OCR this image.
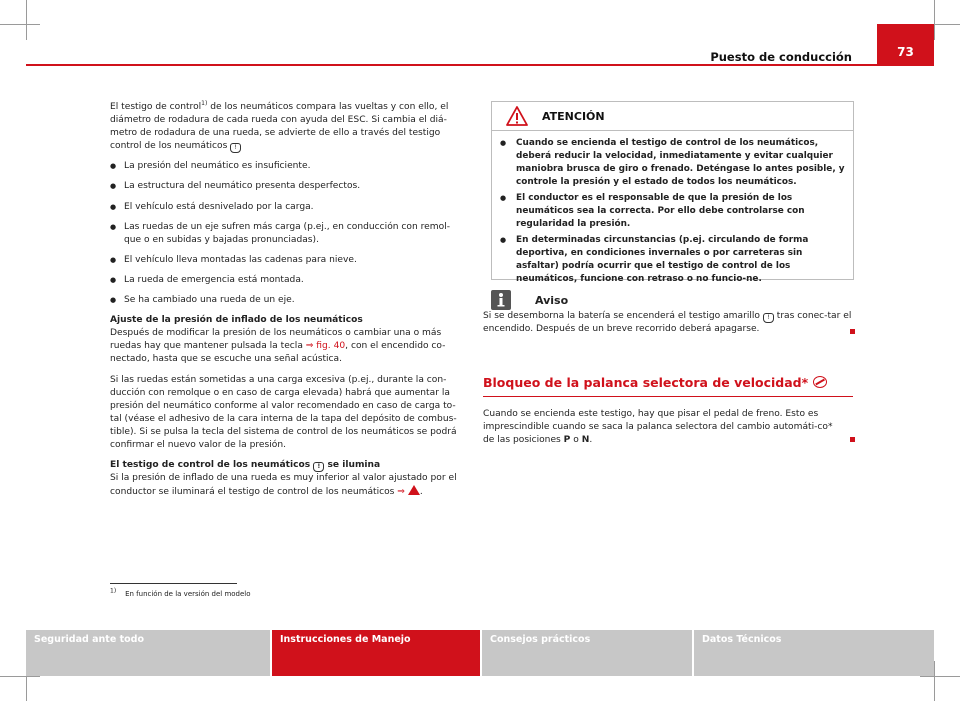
Puesto de conducción	73

El testigo de control$^{1)}$ de los neumáticos compara las vueltas y con ello, el diámetro de rodadura de cada rueda con ayuda del ESC. Si cambia el diá-metro de rodadura de una rueda, se advierte de ello a través del testigo control de los neumáticos !

●
La presión del neumático es insuficiente.
●
La estructura del neumático presenta desperfectos.
●
El vehículo está desnivelado por la carga.
●
Las ruedas de un eje sufren más carga (p.ej., en conducción con remol-que o en subidas y bajadas pronunciadas).
●
El vehículo lleva montadas las cadenas para nieve.
●
La rueda de emergencia está montada.
●
Se ha cambiado una rueda de un eje.

Ajuste de la presión de inflado de los neumáticos

Después de modificar la presión de los neumáticos o cambiar una o más ruedas hay que mantener pulsada la tecla ⇒ fig. 40, con el encendido co-nectado, hasta que se escuche una señal acústica.

Si las ruedas están sometidas a una carga excesiva (p.ej., durante la con-ducción con remolque o en caso de carga elevada) habrá que aumentar la presión del neumático conforme al valor recomendado en caso de carga to-tal (véase el adhesivo de la cara interna de la tapa del depósito de combus-tible). Si se pulsa la tecla del sistema de control de los neumáticos se podrá confirmar el nuevo valor de la presión.

El testigo de control de los neumáticos ! se ilumina

Si la presión de inflado de una rueda es muy inferior al valor ajustado por el conductor se iluminará el testigo de control de los neumáticos ⇒ .

ATENCIÓN
●
Cuando se encienda el testigo de control de los neumáticos, deberá reducir la velocidad, inmediatamente y evitar cualquier maniobra brusca de giro o frenado. Deténgase lo antes posible, y controle la presión y el estado de todos los neumáticos.
●
El conductor es el responsable de que la presión de los neumáticos sea la correcta. Por ello debe controlarse con regularidad la presión.
●
En determinadas circunstancias (p.ej. circulando de forma deportiva, en condiciones invernales o por carreteras sin asfaltar) podría ocurrir que el testigo de control de los neumáticos, funcione con retraso o no funcio-ne.
Aviso
Si se desemborna la batería se encenderá el testigo amarillo ! tras conec-tar el encendido. Después de un breve recorrido deberá apagarse.
Bloqueo de la palanca selectora de velocidad*
Cuando se encienda este testigo, hay que pisar el pedal de freno. Esto es imprescindible cuando se saca la palanca selectora del cambio automáti-co* de las posiciones P o N.
$^{1)}$ En función de la versión del modelo
Seguridad ante todo	Instrucciones de Manejo	Consejos prácticos	Datos Técnicos
